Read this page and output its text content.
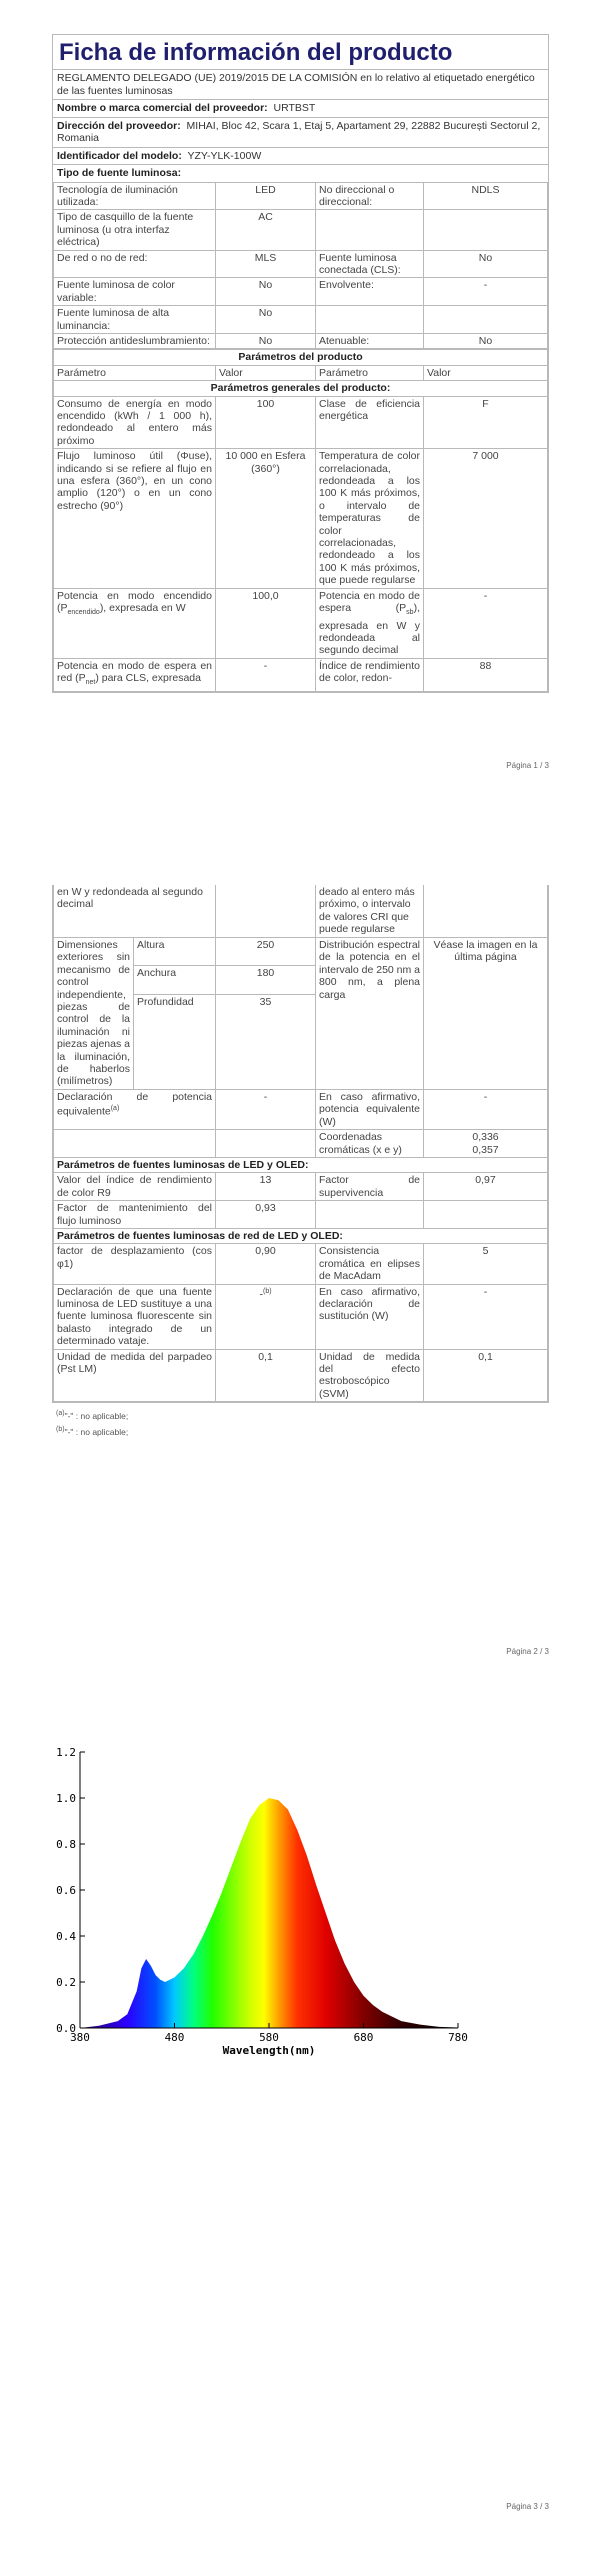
Ficha de información del producto
REGLAMENTO DELEGADO (UE) 2019/2015 DE LA COMISIÓN en lo relativo al etiquetado energético de las fuentes luminosas
Nombre o marca comercial del proveedor: URTBST
Dirección del proveedor: MIHAI, Bloc 42, Scara 1, Etaj 5, Apartament 29, 22882 București Sectorul 2, Romania
Identificador del modelo: YZY-YLK-100W
Tipo de fuente luminosa:
Tecnología de iluminación utilizada:	LED	No direccional o direccional:	NDLS
Tipo de casquillo de la fuente luminosa (u otra interfaz eléctrica)	AC		
De red o no de red:	MLS	Fuente luminosa conectada (CLS):	No
Fuente luminosa de color variable:	No	Envolvente:	-
Fuente luminosa de alta luminancia:	No		
Protección antideslumbramiento:	No	Atenuable:	No
Parámetros del producto			
Parámetro	Valor	Parámetro	Valor
Parámetros generales del producto:			
Consumo de energía en modo encendido (kWh / 1 000 h), redondeado al entero más próximo	100	Clase de eficiencia energética	F
Flujo luminoso útil (Φuse), indicando si se refiere al flujo en una esfera (360°), en un cono amplio (120°) o en un cono estrecho (90°)	10 000 en Esfera (360°)	Temperatura de color correlacionada, redondeada a los 100 K más próximos, o intervalo de temperaturas de color correlacionadas, redondeado a los 100 K más próximos, que puede regularse	7 000
Potencia en modo encendido $(P_{encendido})$, expresada en W	100,0	Potencia en modo de espera $(P_{sb})$, expresada en W y redondeada al segundo decimal	-
Potencia en modo de espera en red $(P_{net})$ para CLS, expresada	-	Índice de rendimiento de color, redon-	88
Página 1 / 3
en W y redondeada al segundo decimal			deado al entero más próximo, o intervalo de valores CRI que puede regularse	
Dimensiones exteriores sin mecanismo de control independiente, piezas de control de la iluminación ni piezas ajenas a la iluminación, de haberlos (milímetros)	Altura	250	Distribución espectral de la potencia en el intervalo de 250 nm a 800 nm, a plena carga	Véase la imagen en la última página
	Anchura	180		
	Profundidad	35		
Declaración de potencia equivalente$^{(a)}$		-	En caso afirmativo, potencia equivalente (W)	-
			Coordenadas cromáticas (x e y)	0,336
0,357
Parámetros de fuentes luminosas de LED y OLED:				
Valor del índice de rendimiento de color R9		13	Factor de supervivencia	0,97
Factor de mantenimiento del flujo luminoso		0,93		
Parámetros de fuentes luminosas de red de LED y OLED:				
factor de desplazamiento (cos φ1)		0,90	Consistencia cromática en elipses de MacAdam	5
Declaración de que una fuente luminosa de LED sustituye a una fuente luminosa fluorescente sin balasto integrado de un determinado vataje.		-$^{(b)}$	En caso afirmativo, declaración de sustitución (W)	-
Unidad de medida del parpadeo (Pst LM)		0,1	Unidad de medida del efecto estroboscópico (SVM)	0,1
$^{(a)}$"-" : no aplicable;
$^{(b)}$"-" : no aplicable;
Página 2 / 3
0.0
0.2
0.4
0.6
0.8
1.0
1.2
380	480	580	680	780
Wavelength(nm)
Página 3 / 3
